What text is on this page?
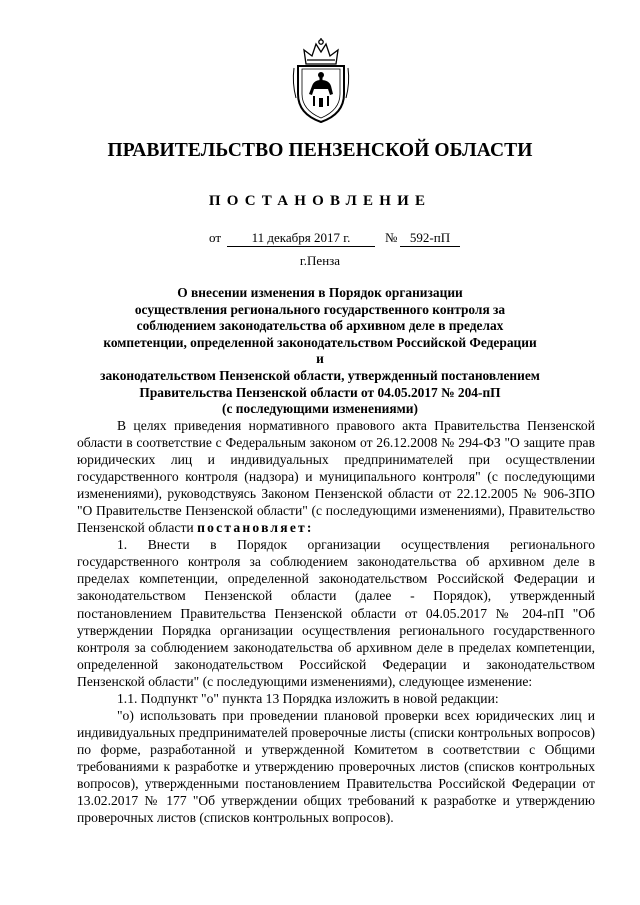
ПРАВИТЕЛЬСТВО ПЕНЗЕНСКОЙ ОБЛАСТИ
ПОСТАНОВЛЕНИЕ
от	11 декабря 2017 г.	№ 592-пП
г.Пенза
О внесении изменения в Порядок организации
осуществления регионального государственного контроля за
соблюдением законодательства об архивном деле в пределах
компетенции, определенной законодательством Российской Федерации и
законодательством Пензенской области, утвержденный постановлением
Правительства Пензенской области от 04.05.2017 № 204-пП
(с последующими изменениями)

В целях приведения нормативного правового акта Правительства Пензенской области в соответствие с Федеральным законом от 26.12.2008 № 294-ФЗ "О защите прав юридических лиц и индивидуальных предпринимателей при осуществлении государственного контроля (надзора) и муниципального контроля" (с последующими изменениями), руководствуясь Законом Пензенской области от 22.12.2005 № 906-ЗПО "О Правительстве Пензенской области" (с последующими изменениями), Правительство Пензенской области постановляет:

1. Внести в Порядок организации осуществления регионального государственного контроля за соблюдением законодательства об архивном деле в пределах компетенции, определенной законодательством Российской Федерации и законодательством Пензенской области (далее - Порядок), утвержденный постановлением Правительства Пензенской области от 04.05.2017 № 204-пП "Об утверждении Порядка организации осуществления регионального государственного контроля за соблюдением законодательства об архивном деле в пределах компетенции, определенной законодательством Российской Федерации и законодательством Пензенской области" (с последующими изменениями), следующее изменение:

1.1. Подпункт "о" пункта 13 Порядка изложить в новой редакции:

"о) использовать при проведении плановой проверки всех юридических лиц и индивидуальных предпринимателей проверочные листы (списки контрольных вопросов) по форме, разработанной и утвержденной Комитетом в соответствии с Общими требованиями к разработке и утверждению проверочных листов (списков контрольных вопросов), утвержденными постановлением Правительства Российской Федерации от 13.02.2017 № 177 "Об утверждении общих требований к разработке и утверждению проверочных листов (списков контрольных вопросов).
